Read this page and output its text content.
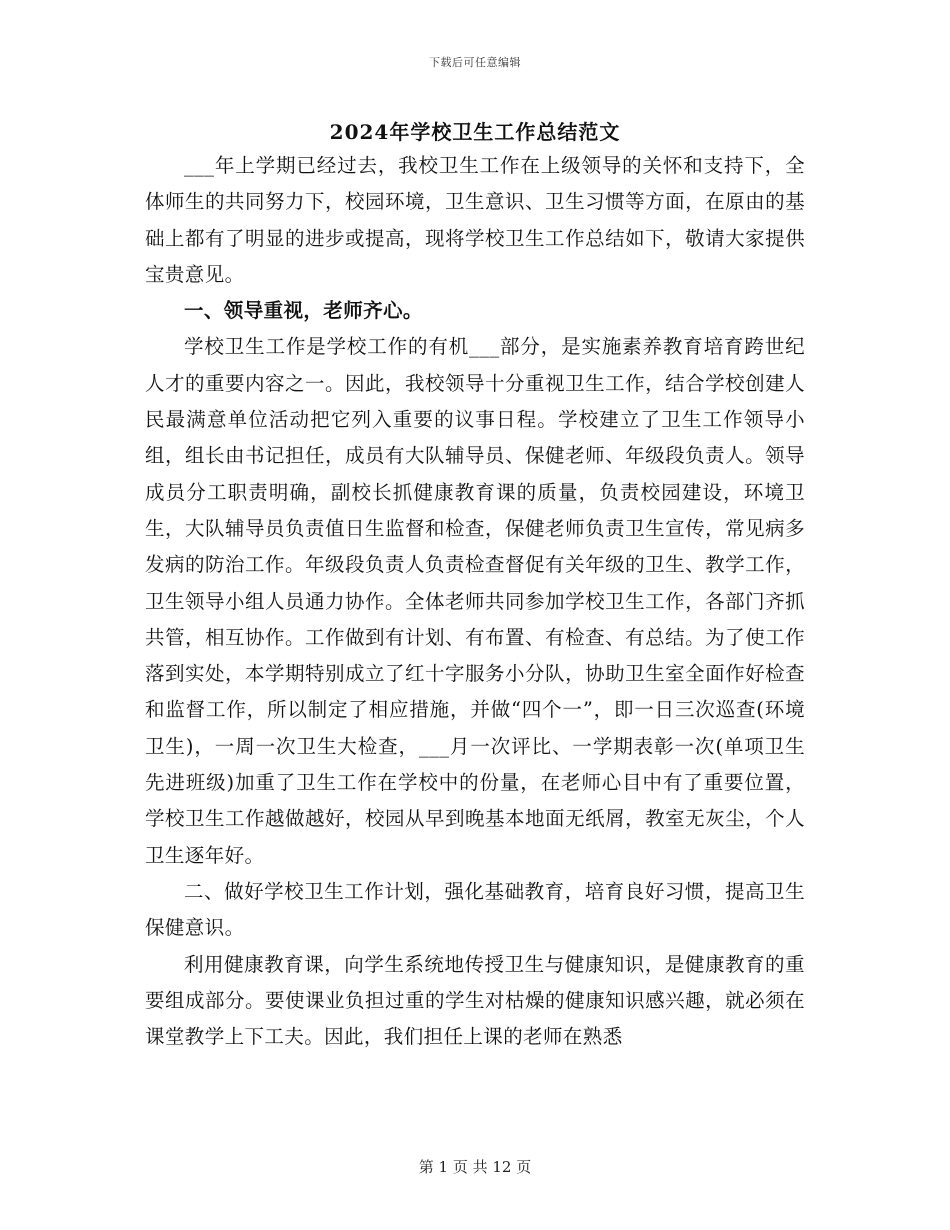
下载后可任意编辑
2024年学校卫生工作总结范文

___年上学期已经过去，我校卫生工作在上级领导的关怀和支持下，全体师生的共同努力下，校园环境，卫生意识、卫生习惯等方面，在原由的基础上都有了明显的进步或提高，现将学校卫生工作总结如下，敬请大家提供宝贵意见。

一、领导重视，老师齐心。

学校卫生工作是学校工作的有机___部分，是实施素养教育培育跨世纪人才的重要内容之一。因此，我校领导十分重视卫生工作，结合学校创建人民最满意单位活动把它列入重要的议事日程。学校建立了卫生工作领导小组，组长由书记担任，成员有大队辅导员、保健老师、年级段负责人。领导成员分工职责明确，副校长抓健康教育课的质量，负责校园建设，环境卫生，大队辅导员负责值日生监督和检查，保健老师负责卫生宣传，常见病多发病的防治工作。年级段负责人负责检查督促有关年级的卫生、教学工作，卫生领导小组人员通力协作。全体老师共同参加学校卫生工作，各部门齐抓共管，相互协作。工作做到有计划、有布置、有检查、有总结。为了使工作落到实处，本学期特别成立了红十字服务小分队，协助卫生室全面作好检查和监督工作，所以制定了相应措施，并做“四个一”，即一日三次巡查(环境卫生)，一周一次卫生大检查，___月一次评比、一学期表彰一次(单项卫生先进班级)加重了卫生工作在学校中的份量，在老师心目中有了重要位置，学校卫生工作越做越好，校园从早到晚基本地面无纸屑，教室无灰尘，个人卫生逐年好。

二、做好学校卫生工作计划，强化基础教育，培育良好习惯，提高卫生保健意识。

利用健康教育课，向学生系统地传授卫生与健康知识，是健康教育的重要组成部分。要使课业负担过重的学生对枯燥的健康知识感兴趣，就必须在课堂教学上下工夫。因此，我们担任上课的老师在熟悉

第 1 页 共 12 页
